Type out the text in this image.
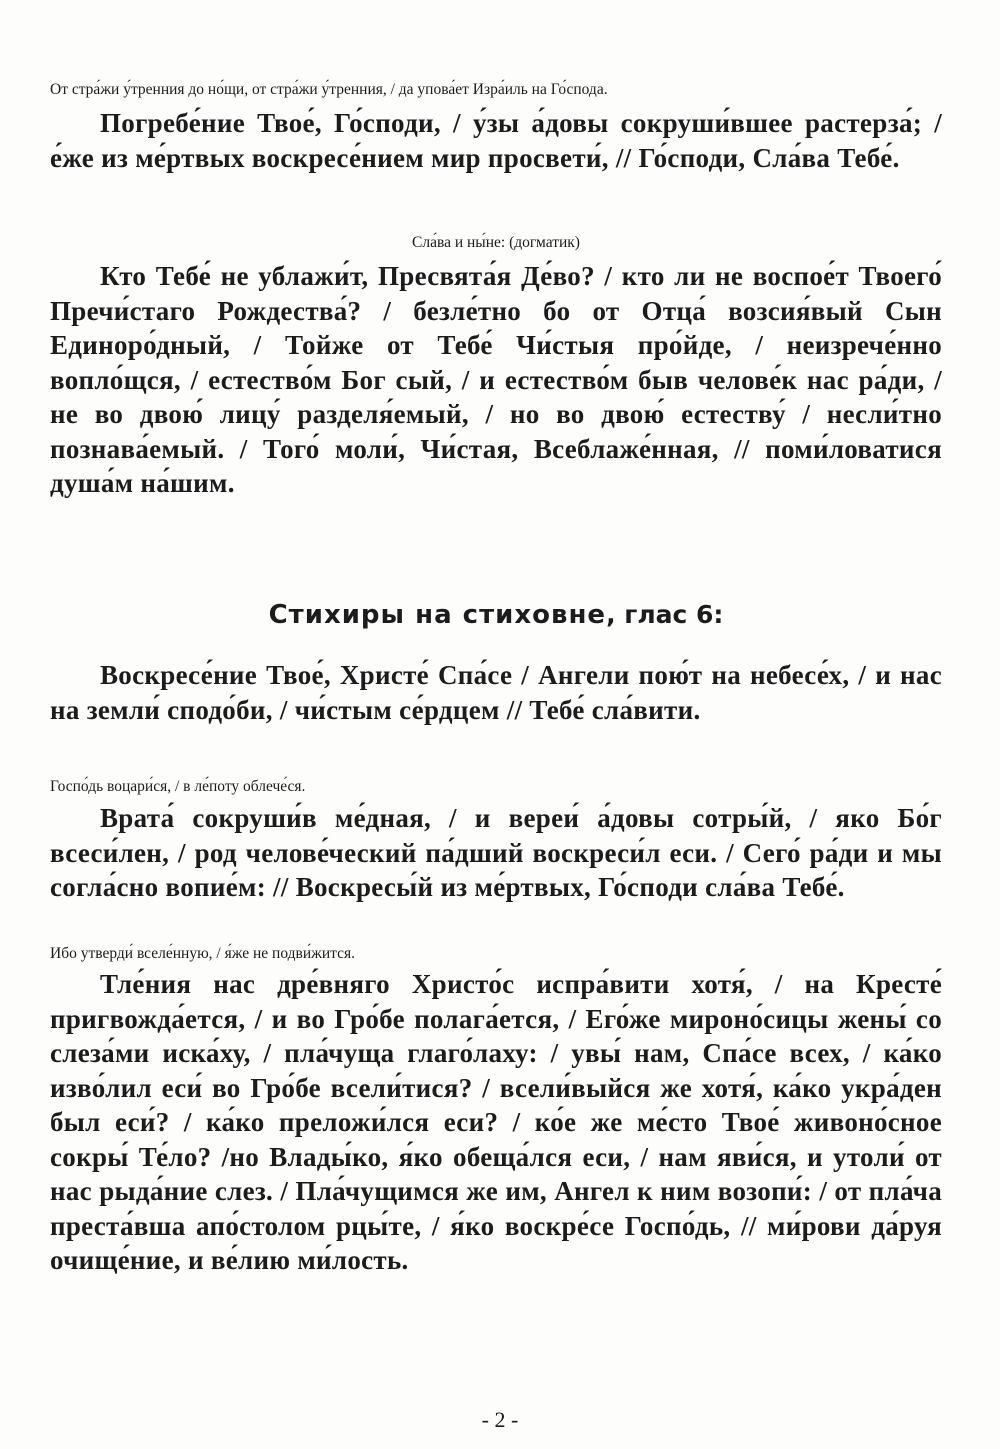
От стра́жи у́тренния до но́щи, от стра́жи у́тренния, / да упова́ет Изра́иль на Го́спода.

Погребе́ние Твое́, Го́споди, / у́зы а́довы сокруши́вшее растерза́; / е́же из ме́ртвых воскресе́нием мир просвети́, // Го́споди, Сла́ва Тебе́.

Сла́ва и ны́не: (догматик)

Кто Тебе́ не ублажи́т, Пресвята́я Де́во? / кто ли не воспое́т Твоего́ Пречи́стаго Рождества́? / безле́тно бо от Отца́ возсия́вый Сын Единоро́дный, / Тойже от Тебе́ Чи́стыя про́йде, / неизрече́нно вопло́щся, / естество́м Бог сый, / и естество́м быв челове́к нас ра́ди, / не во двою́ лицу́ разделя́емый, / но во двою́ естеству́ / несли́тно познава́емый. / Того́ моли́, Чи́стая, Всеблаже́нная, // поми́ловатися душа́м на́шим.

Стихиры на стиховне, глас 6:

Воскресе́ние Твое́, Христе́ Спа́се / Ангели пою́т на небесе́х, / и нас на земли́ сподо́би, / чи́стым се́рдцем // Тебе́ сла́вити.

Госпо́дь воцари́ся, / в ле́поту облече́ся.

Врата́ сокруши́в ме́дная, / и вереи́ а́довы сотры́й, / яко Бо́г всеси́лен, / род челове́ческий па́дший воскреси́л еси. / Сего́ ра́ди и мы согла́сно вопие́м: // Воскресы́й из ме́ртвых, Го́споди сла́ва Тебе́.

Ибо утверди́ вселе́нную, / я́же не подви́жится.

Тле́ния нас дре́вняго Христо́с испра́вити хотя́, / на Кресте́ пригвожда́ется, / и во Гро́бе полага́ется, / Его́же мироно́сицы жены́ со слеза́ми иска́ху, / пла́чуща глаго́лаху: / увы́ нам, Спа́се всех, / ка́ко изво́лил еси́ во Гро́бе всели́тися? / всели́выйся же хотя́, ка́ко укра́ден был еси́? / ка́ко преложи́лся еси? / ко́е же ме́сто Твое́ живоно́сное сокры́ Те́ло? /но Влады́ко, я́ко обеща́лся еси, / нам яви́ся, и утоли́ от нас рыда́ние слез. / Пла́чущимся же им, Ангел к ним возопи́: / от пла́ча преста́вша апо́столом рцы́те, / я́ко воскре́се Госпо́дь, // ми́рови да́руя очище́ние, и ве́лию ми́лость.

- 2 -
